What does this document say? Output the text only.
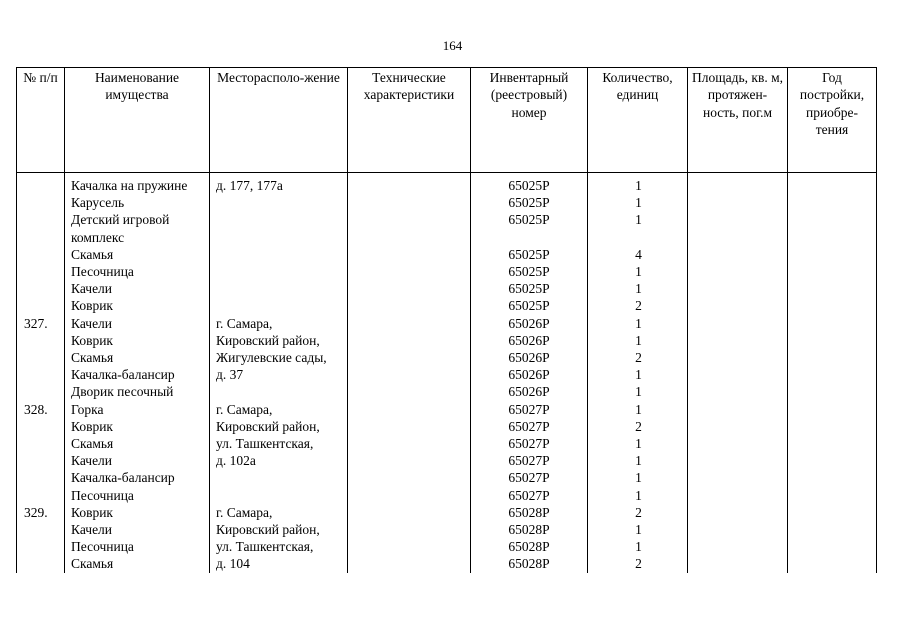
164
№ п/п	Наименование имущества	Месторасполо-жение	Технические характеристики	Инвентарный (реестровый) номер	Количество, единиц	Площадь, кв. м, протяжен-ность, пог.м	Год постройки, приобре-тения

	Качалка на пружине	д. 177, 177а		65025Р	1		
	Карусель			65025Р	1		
	Детский игровой			65025Р	1		
	комплекс						
	Скамья			65025Р	4		
	Песочница			65025Р	1		
	Качели			65025Р	1		
	Коврик			65025Р	2		
327.	Качели	г. Самара,		65026Р	1		
	Коврик	Кировский район,		65026Р	1		
	Скамья	Жигулевские сады,		65026Р	2		
	Качалка-балансир	д. 37		65026Р	1		
	Дворик песочный			65026Р	1		
328.	Горка	г. Самара,		65027Р	1		
	Коврик	Кировский район,		65027Р	2		
	Скамья	ул. Ташкентская,		65027Р	1		
	Качели	д. 102а		65027Р	1		
	Качалка-балансир			65027Р	1		
	Песочница			65027Р	1		
329.	Коврик	г. Самара,		65028Р	2		
	Качели	Кировский район,		65028Р	1		
	Песочница	ул. Ташкентская,		65028Р	1		
	Скамья	д. 104		65028Р	2		
